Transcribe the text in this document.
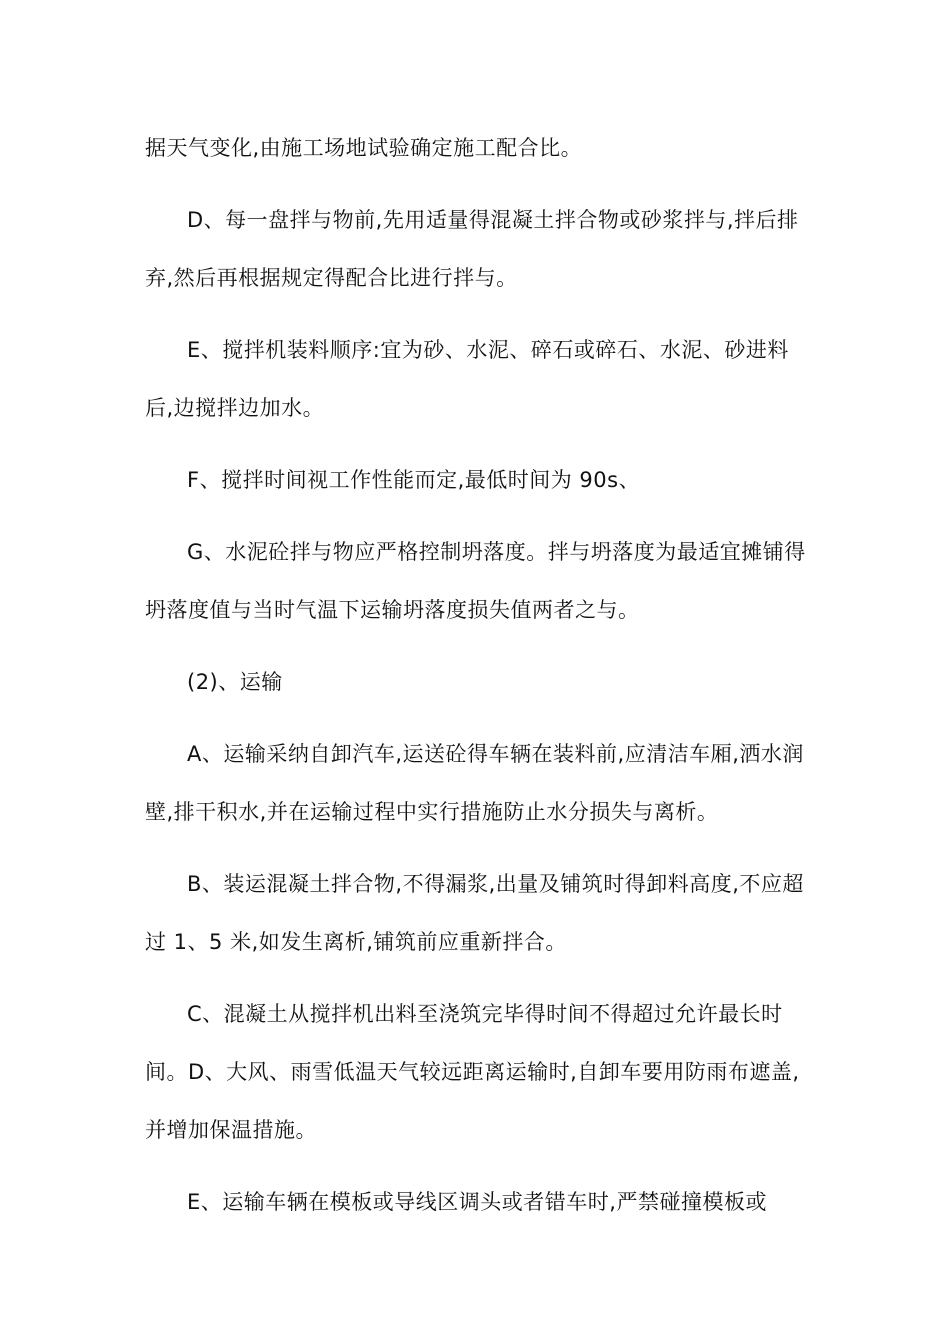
据天气变化,由施工场地试验确定施工配合比。

D、每一盘拌与物前,先用适量得混凝土拌合物或砂浆拌与,拌后排弃,然后再根据规定得配合比进行拌与。

E、搅拌机装料顺序:宜为砂、水泥、碎石或碎石、水泥、砂进料后,边搅拌边加水。

F、搅拌时间视工作性能而定,最低时间为 90s、

G、水泥砼拌与物应严格控制坍落度。拌与坍落度为最适宜摊铺得坍落度值与当时气温下运输坍落度损失值两者之与。

(2)、运输

A、运输采纳自卸汽车,运送砼得车辆在装料前,应清洁车厢,洒水润壁,排干积水,并在运输过程中实行措施防止水分损失与离析。

B、装运混凝土拌合物,不得漏浆,出量及铺筑时得卸料高度,不应超过 1、5 米,如发生离析,铺筑前应重新拌合。

C、混凝土从搅拌机出料至浇筑完毕得时间不得超过允许最长时间。D、大风、雨雪低温天气较远距离运输时,自卸车要用防雨布遮盖,并增加保温措施。

E、运输车辆在模板或导线区调头或者错车时,严禁碰撞模板或
